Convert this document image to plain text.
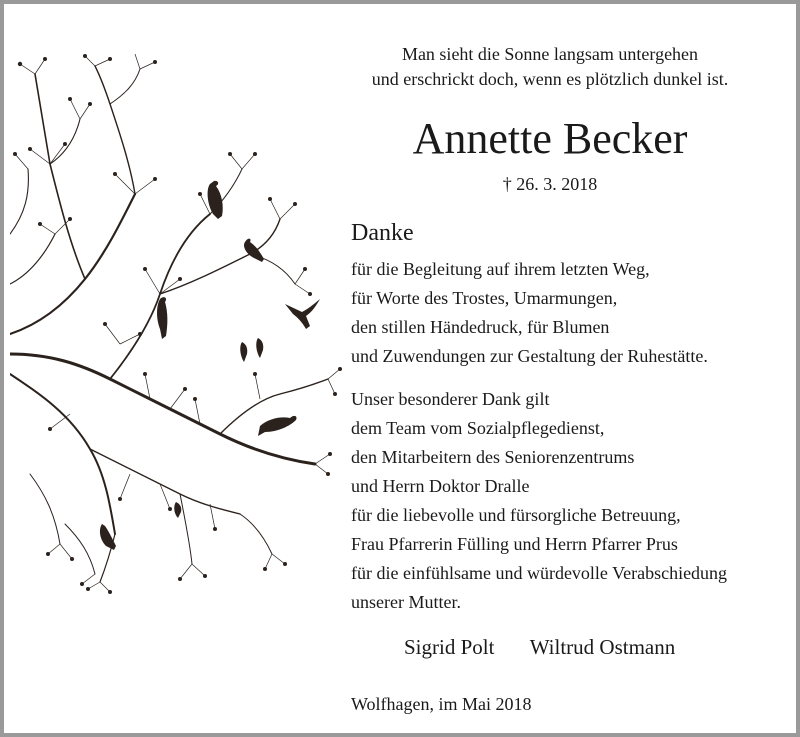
Man sieht die Sonne langsam untergehen
und erschrickt doch, wenn es plötzlich dunkel ist.
Annette Becker
† 26. 3. 2018
Danke
für die Begleitung auf ihrem letzten Weg,
für Worte des Trostes, Umarmungen,
den stillen Händedruck, für Blumen
und Zuwendungen zur Gestaltung der Ruhestätte.
Unser besonderer Dank gilt
dem Team vom Sozialpflegedienst,
den Mitarbeitern des Seniorenzentrums
und Herrn Doktor Dralle
für die liebevolle und fürsorgliche Betreuung,
Frau Pfarrerin Fülling und Herrn Pfarrer Prus
für die einfühlsame und würdevolle Verabschiedung
unserer Mutter.
Sigrid Polt Wiltrud Ostmann
Wolfhagen, im Mai 2018
